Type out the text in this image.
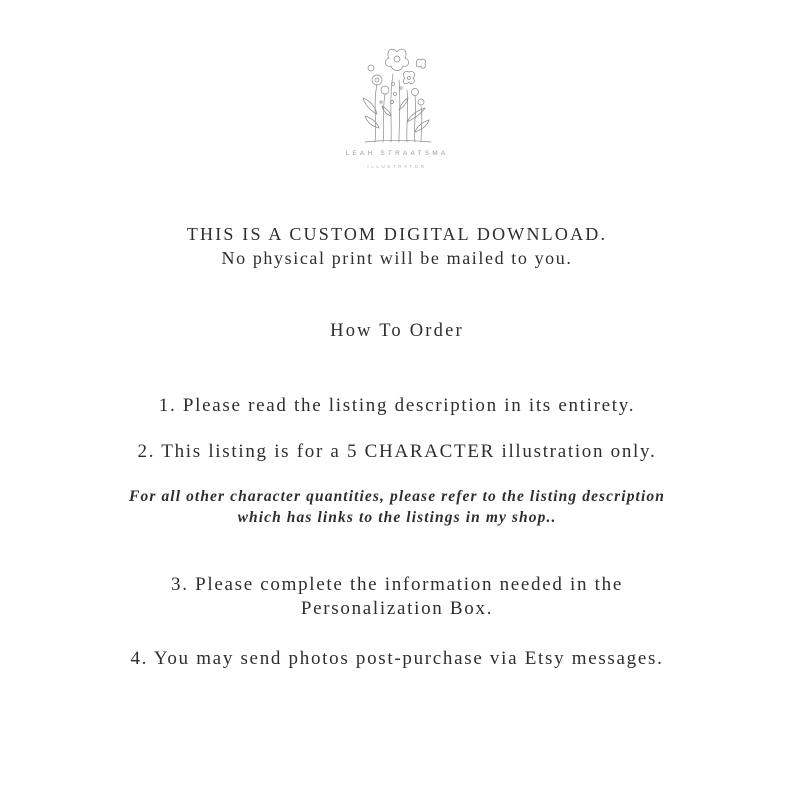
LEAH STRAATSMA
ILLUSTRATOR
THIS IS A CUSTOM DIGITAL DOWNLOAD.
No physical print will be mailed to you.
How To Order
1. Please read the listing description in its entirety.
2. This listing is for a 5 CHARACTER illustration only.
For all other character quantities, please refer to the listing description
which has links to the listings in my shop..
3. Please complete the information needed in the
Personalization Box.
4. You may send photos post-purchase via Etsy messages.
